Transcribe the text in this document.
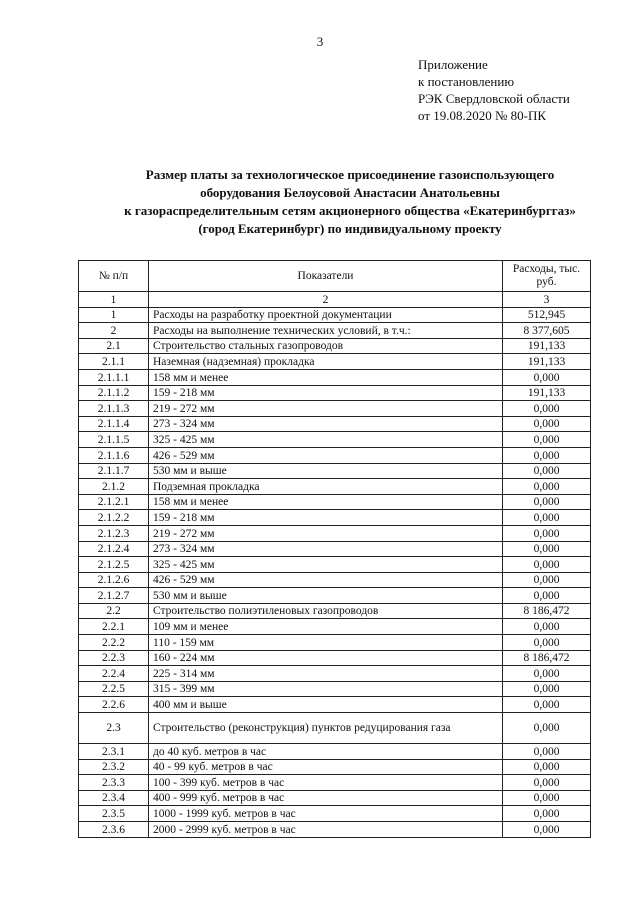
3
Приложение
к постановлению
РЭК Свердловской области
от 19.08.2020 № 80-ПК
Размер платы за технологическое присоединение газоиспользующего
оборудования Белоусовой Анастасии Анатольевны
к газораспределительным сетям акционерного общества «Екатеринбурггаз»
(город Екатеринбург) по индивидуальному проекту
№ п/п	Показатели	Расходы, тыс. руб.
1	2	3
1	Расходы на разработку проектной документации	512,945
2	Расходы на выполнение технических условий, в т.ч.:	8 377,605
2.1	Строительство стальных газопроводов	191,133
2.1.1	Наземная (надземная) прокладка	191,133
2.1.1.1	158 мм и менее	0,000
2.1.1.2	159 - 218 мм	191,133
2.1.1.3	219 - 272 мм	0,000
2.1.1.4	273 - 324 мм	0,000
2.1.1.5	325 - 425 мм	0,000
2.1.1.6	426 - 529 мм	0,000
2.1.1.7	530 мм и выше	0,000
2.1.2	Подземная прокладка	0,000
2.1.2.1	158 мм и менее	0,000
2.1.2.2	159 - 218 мм	0,000
2.1.2.3	219 - 272 мм	0,000
2.1.2.4	273 - 324 мм	0,000
2.1.2.5	325 - 425 мм	0,000
2.1.2.6	426 - 529 мм	0,000
2.1.2.7	530 мм и выше	0,000
2.2	Строительство полиэтиленовых газопроводов	8 186,472
2.2.1	109 мм и менее	0,000
2.2.2	110 - 159 мм	0,000
2.2.3	160 - 224 мм	8 186,472
2.2.4	225 - 314 мм	0,000
2.2.5	315 - 399 мм	0,000
2.2.6	400 мм и выше	0,000
2.3	Строительство (реконструкция) пунктов редуцирования газа	0,000
2.3.1	до 40 куб. метров в час	0,000
2.3.2	40 - 99 куб. метров в час	0,000
2.3.3	100 - 399 куб. метров в час	0,000
2.3.4	400 - 999 куб. метров в час	0,000
2.3.5	1000 - 1999 куб. метров в час	0,000
2.3.6	2000 - 2999 куб. метров в час	0,000
